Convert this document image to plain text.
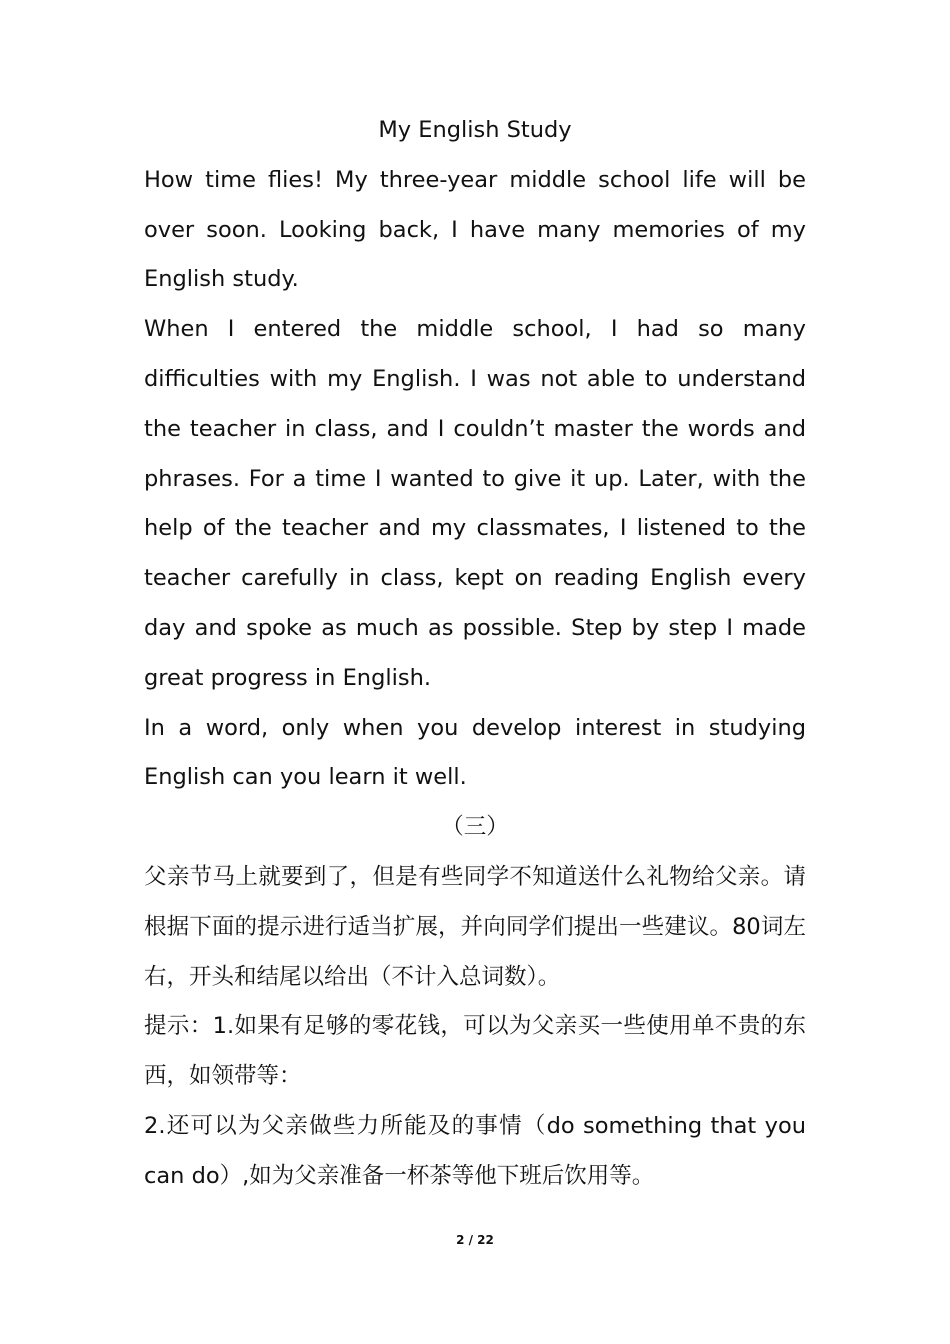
My English Study

How time flies! My three-year middle school life will be over soon. Looking back, I have many memories of my English study.

When I entered the middle school, I had so many difficulties with my English. I was not able to understand the teacher in class, and I couldn’t master the words and phrases. For a time I wanted to give it up. Later, with the help of the teacher and my classmates, I listened to the teacher carefully in class, kept on reading English every day and spoke as much as possible. Step by step I made great progress in English.

In a word, only when you develop interest in studying English can you learn it well.

（三）

父亲节马上就要到了，但是有些同学不知道送什么礼物给父亲。请根据下面的提示进行适当扩展，并向同学们提出一些建议。80词左右，开头和结尾以给出（不计入总词数）。

提示：1.如果有足够的零花钱，可以为父亲买一些使用单不贵的东西，如领带等：

2.还可以为父亲做些力所能及的事情（do something that you can do）,如为父亲准备一杯茶等他下班后饮用等。

2 / 22
